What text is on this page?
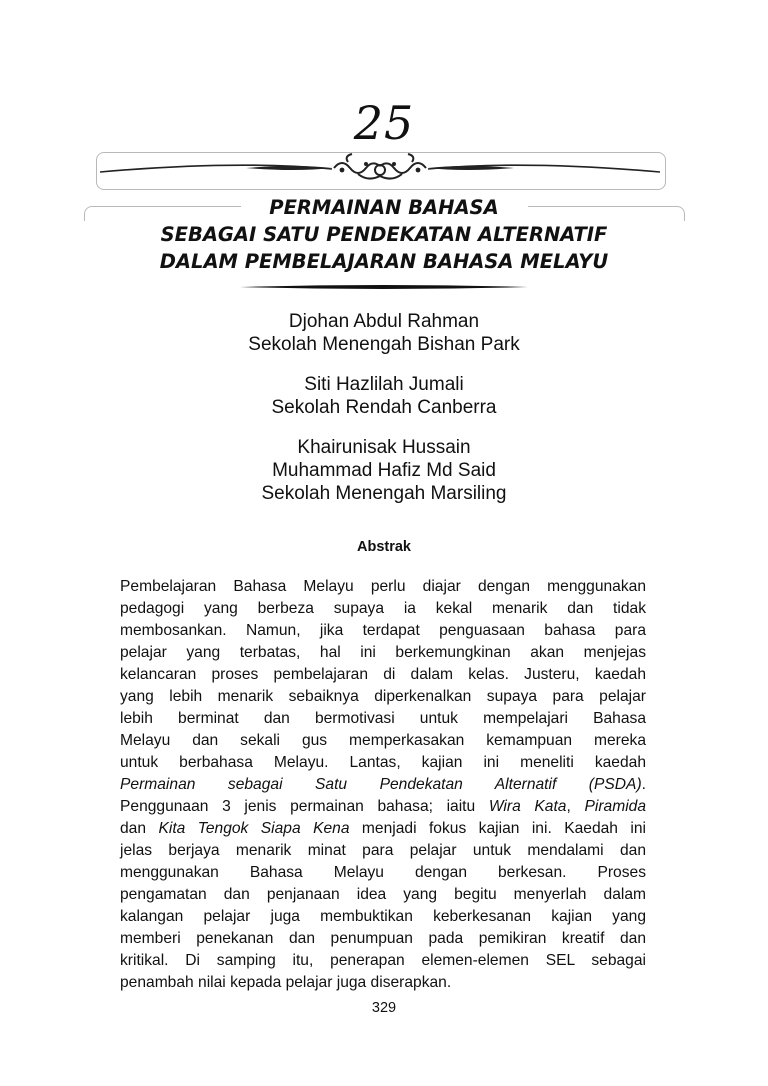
25
PERMAINAN BAHASA
SEBAGAI SATU PENDEKATAN ALTERNATIF
DALAM PEMBELAJARAN BAHASA MELAYU
Djohan Abdul Rahman
Sekolah Menengah Bishan Park
Siti Hazlilah Jumali
Sekolah Rendah Canberra
Khairunisak Hussain
Muhammad Hafiz Md Said
Sekolah Menengah Marsiling
Abstrak
Pembelajaran Bahasa Melayu perlu diajar dengan menggunakan
pedagogi yang berbeza supaya ia kekal menarik dan tidak
membosankan. Namun, jika terdapat penguasaan bahasa para
pelajar yang terbatas, hal ini berkemungkinan akan menjejas
kelancaran proses pembelajaran di dalam kelas. Justeru, kaedah
yang lebih menarik sebaiknya diperkenalkan supaya para pelajar
lebih berminat dan bermotivasi untuk mempelajari Bahasa
Melayu dan sekali gus memperkasakan kemampuan mereka
untuk berbahasa Melayu. Lantas, kajian ini meneliti kaedah
Permainan sebagai Satu Pendekatan Alternatif (PSDA).
Penggunaan 3 jenis permainan bahasa; iaitu Wira Kata, Piramida
dan Kita Tengok Siapa Kena menjadi fokus kajian ini. Kaedah ini
jelas berjaya menarik minat para pelajar untuk mendalami dan
menggunakan Bahasa Melayu dengan berkesan. Proses
pengamatan dan penjanaan idea yang begitu menyerlah dalam
kalangan pelajar juga membuktikan keberkesanan kajian yang
memberi penekanan dan penumpuan pada pemikiran kreatif dan
kritikal. Di samping itu, penerapan elemen-elemen SEL sebagai
penambah nilai kepada pelajar juga diserapkan.
329
